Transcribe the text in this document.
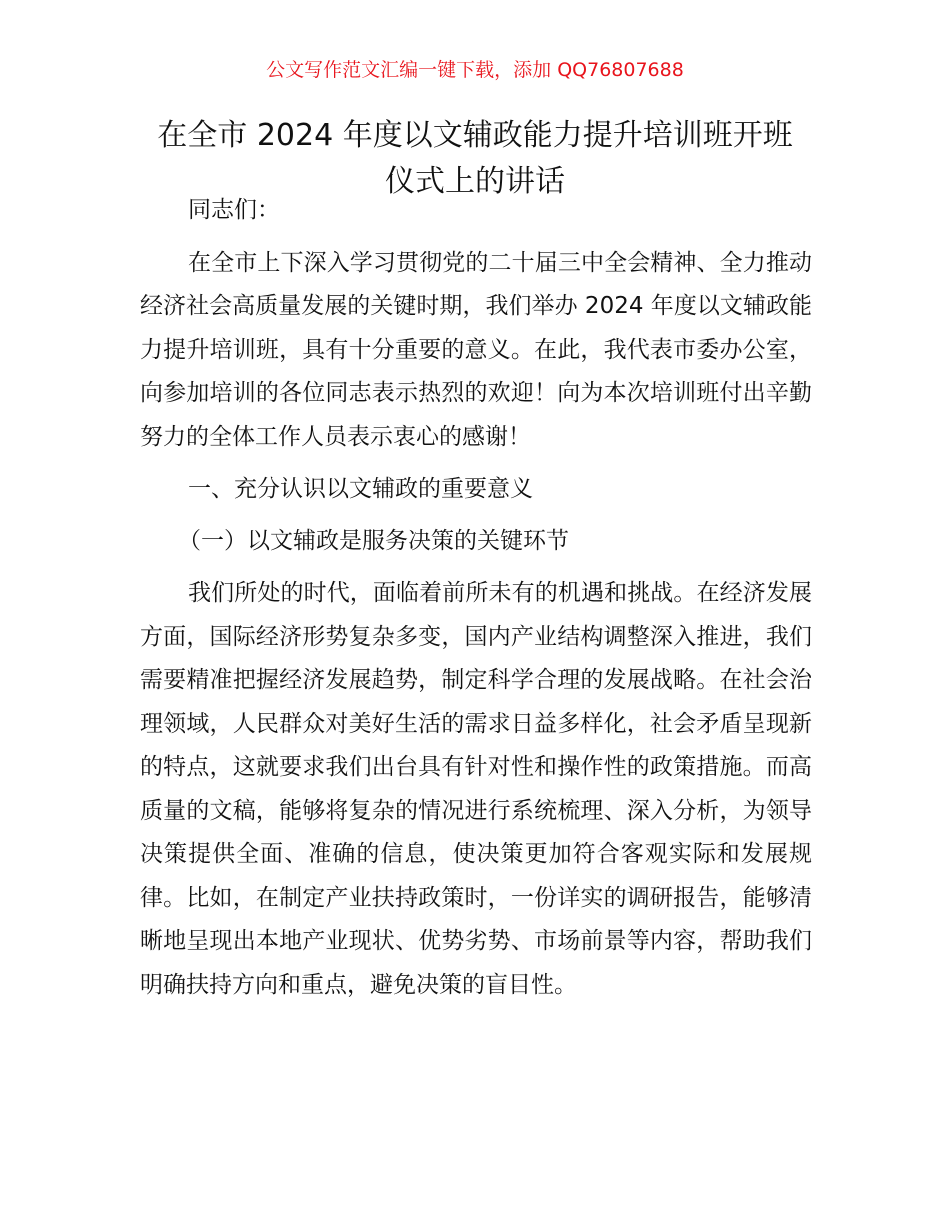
公文写作范文汇编一键下载，添加 QQ76807688
在全市 2024 年度以文辅政能力提升培训班开班
仪式上的讲话

同志们：

在全市上下深入学习贯彻党的二十届三中全会精神、全力推动经济社会高质量发展的关键时期，我们举办 2024 年度以文辅政能力提升培训班，具有十分重要的意义。在此，我代表市委办公室，向参加培训的各位同志表示热烈的欢迎！向为本次培训班付出辛勤努力的全体工作人员表示衷心的感谢！

一、充分认识以文辅政的重要意义

（一）以文辅政是服务决策的关键环节

我们所处的时代，面临着前所未有的机遇和挑战。在经济发展方面，国际经济形势复杂多变，国内产业结构调整深入推进，我们需要精准把握经济发展趋势，制定科学合理的发展战略。在社会治理领域，人民群众对美好生活的需求日益多样化，社会矛盾呈现新的特点，这就要求我们出台具有针对性和操作性的政策措施。而高质量的文稿，能够将复杂的情况进行系统梳理、深入分析，为领导决策提供全面、准确的信息，使决策更加符合客观实际和发展规律。比如，在制定产业扶持政策时，一份详实的调研报告，能够清晰地呈现出本地产业现状、优势劣势、市场前景等内容，帮助我们明确扶持方向和重点，避免决策的盲目性。
